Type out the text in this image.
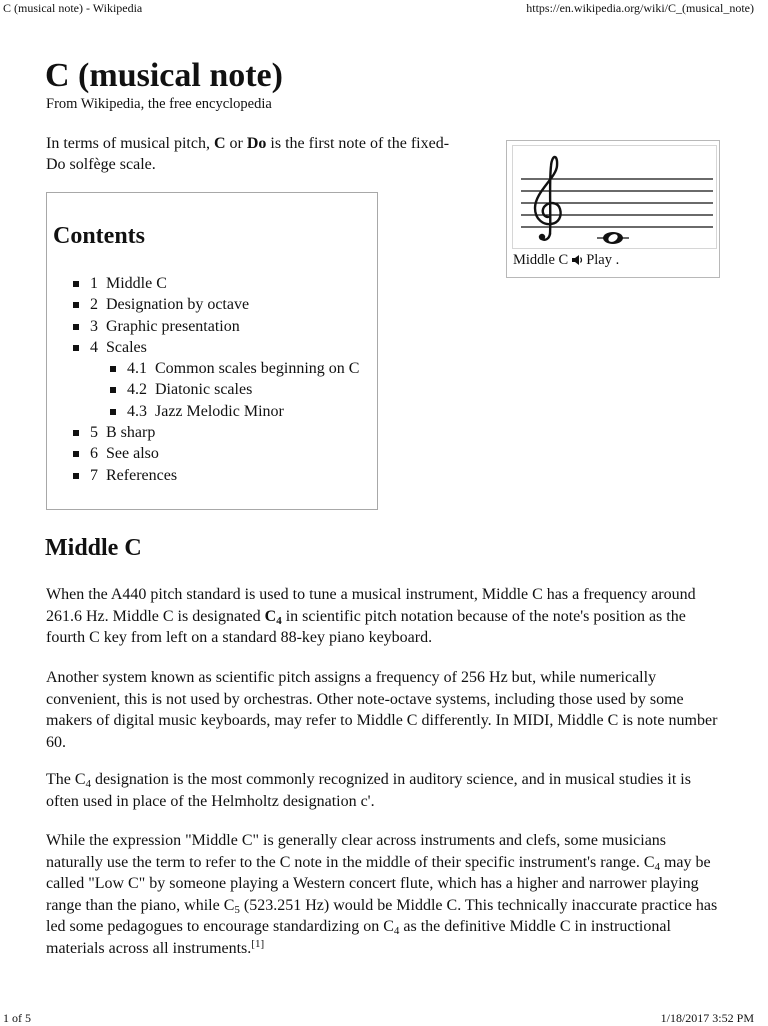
C (musical note) - Wikipedia	https://en.wikipedia.org/wiki/C_(musical_note)
C (musical note)
From Wikipedia, the free encyclopedia

In terms of musical pitch, C or Do is the first note of the fixed-Do solfège scale.

Middle C Play .
Contents
1 Middle C
2 Designation by octave
3 Graphic presentation
4 Scales
4.1 Common scales beginning on C
4.2 Diatonic scales
4.3 Jazz Melodic Minor
5 B sharp
6 See also
7 References
Middle C

When the A440 pitch standard is used to tune a musical instrument, Middle C has a frequency around 261.6 Hz. Middle C is designated $C_4$ in scientific pitch notation because of the note's position as the fourth C key from left on a standard 88-key piano keyboard.

Another system known as scientific pitch assigns a frequency of 256 Hz but, while numerically convenient, this is not used by orchestras. Other note-octave systems, including those used by some makers of digital music keyboards, may refer to Middle C differently. In MIDI, Middle C is note number 60.

The $C_4$ designation is the most commonly recognized in auditory science, and in musical studies it is often used in place of the Helmholtz designation c'.

While the expression "Middle C" is generally clear across instruments and clefs, some musicians naturally use the term to refer to the C note in the middle of their specific instrument's range. $C_4$ may be called "Low C" by someone playing a Western concert flute, which has a higher and narrower playing range than the piano, while $C_5$ (523.251 Hz) would be Middle C. This technically inaccurate practice has led some pedagogues to encourage standardizing on $C_4$ as the definitive Middle C in instructional materials across all instruments.[1]

1 of 5	1/18/2017 3:52 PM
